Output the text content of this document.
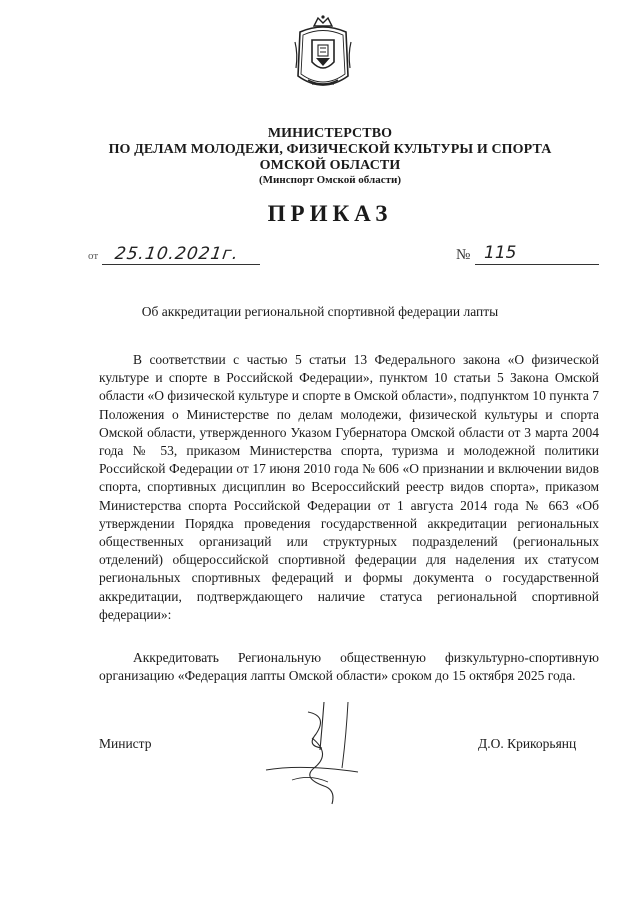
МИНИСТЕРСТВО
ПО ДЕЛАМ МОЛОДЕЖИ, ФИЗИЧЕСКОЙ КУЛЬТУРЫ И СПОРТА
ОМСКОЙ ОБЛАСТИ
(Минспорт Омской области)
ПРИКАЗ
от 25.10.2021г.	№ 115
Об аккредитации региональной спортивной федерации лапты

В соответствии с частью 5 статьи 13 Федерального закона «О физической культуре и спорте в Российской Федерации», пунктом 10 статьи 5 Закона Омской области «О физической культуре и спорте в Омской области», подпунктом 10 пункта 7 Положения о Министерстве по делам молодежи, физической культуры и спорта Омской области, утвержденного Указом Губернатора Омской области от 3 марта 2004 года № 53, приказом Министерства спорта, туризма и молодежной политики Российской Федерации от 17 июня 2010 года № 606 «О признании и включении видов спорта, спортивных дисциплин во Всероссийский реестр видов спорта», приказом Министерства спорта Российской Федерации от 1 августа 2014 года № 663 «Об утверждении Порядка проведения государственной аккредитации региональных общественных организаций или структурных подразделений (региональных отделений) общероссийской спортивной федерации для наделения их статусом региональных спортивных федераций и формы документа о государственной аккредитации, подтверждающего наличие статуса региональной спортивной федерации»:

Аккредитовать Региональную общественную физкультурно-спортивную организацию «Федерация лапты Омской области» сроком до 15 октября 2025 года.

Министр	Д.О. Крикорьянц
